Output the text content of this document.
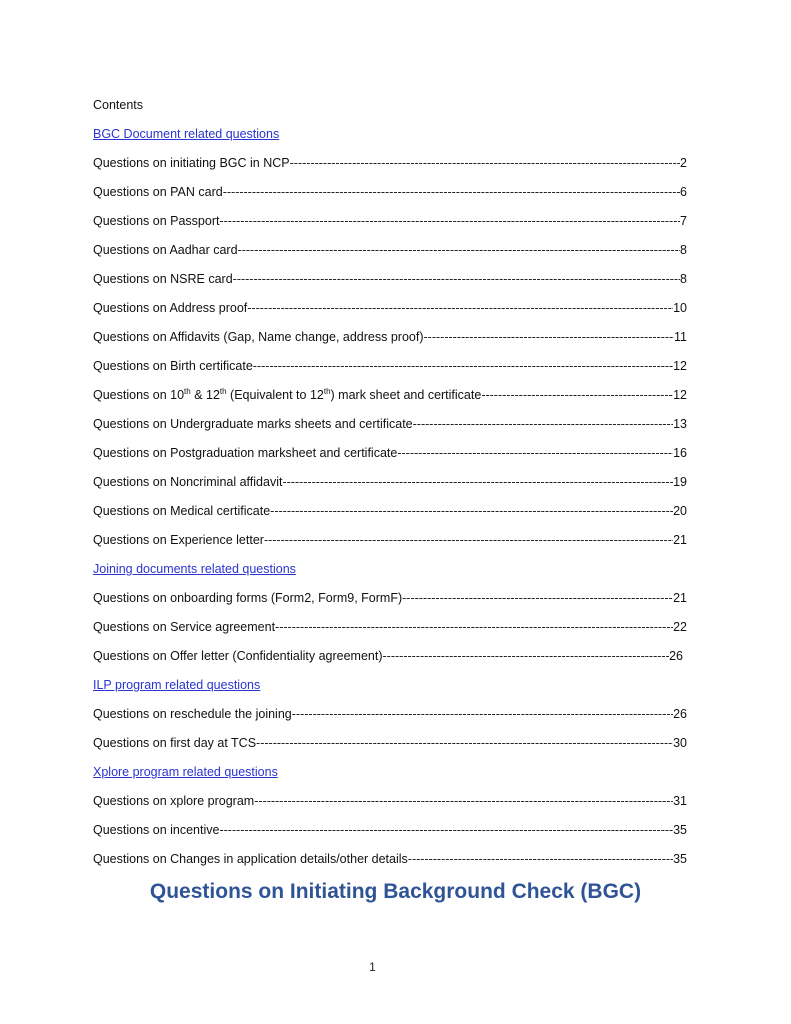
Contents
BGC Document related questions
Questions on initiating BGC in NCP -----	2
Questions on PAN card -----	6
Questions on Passport -----	7
Questions on Aadhar card -----	8
Questions on NSRE card -----	8
Questions on Address proof -----	10
Questions on Affidavits (Gap, Name change, address proof) -----	11
Questions on Birth certificate -----	12
Questions on 10th & 12th (Equivalent to 12th) mark sheet and certificate -----	12
Questions on Undergraduate marks sheets and certificate -----	13
Questions on Postgraduation marksheet and certificate -----	16
Questions on Noncriminal affidavit -----	19
Questions on Medical certificate -----	20
Questions on Experience letter -----	21
Joining documents related questions
Questions on onboarding forms (Form2, Form9, FormF) -----	21
Questions on Service agreement -----	22
Questions on Offer letter (Confidentiality agreement) -----	26
ILP program related questions
Questions on reschedule the joining -----	26
Questions on first day at TCS -----	30
Xplore program related questions
Questions on xplore program -----	31
Questions on incentive -----	35
Questions on Changes in application details/other details -----	35
Questions on Initiating Background Check (BGC)
1
